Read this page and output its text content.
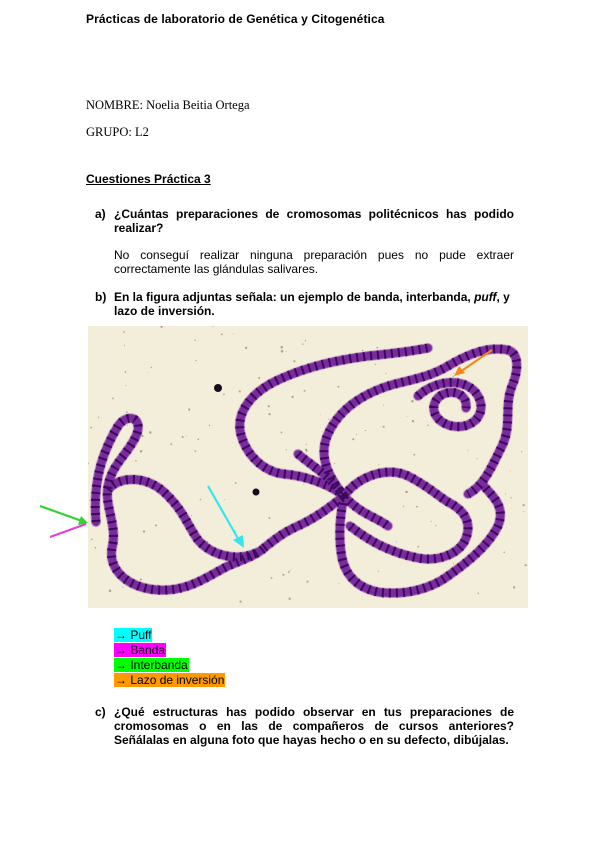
Prácticas de laboratorio de Genética y Citogenética
NOMBRE: Noelia Beitia Ortega
GRUPO: L2
Cuestiones Práctica 3
a) ¿Cuántas preparaciones de cromosomas politécnicos has podido realizar?
No conseguí realizar ninguna preparación pues no pude extraer correctamente las glándulas salivares.
b) En la figura adjuntas señala: un ejemplo de banda, interbanda, puff, y lazo de inversión.
→ Puff
→ Banda
→ Interbanda
→ Lazo de inversión
c) ¿Qué estructuras has podido observar en tus preparaciones de cromosomas o en las de compañeros de cursos anteriores? Señálalas en alguna foto que hayas hecho o en su defecto, dibújalas.
